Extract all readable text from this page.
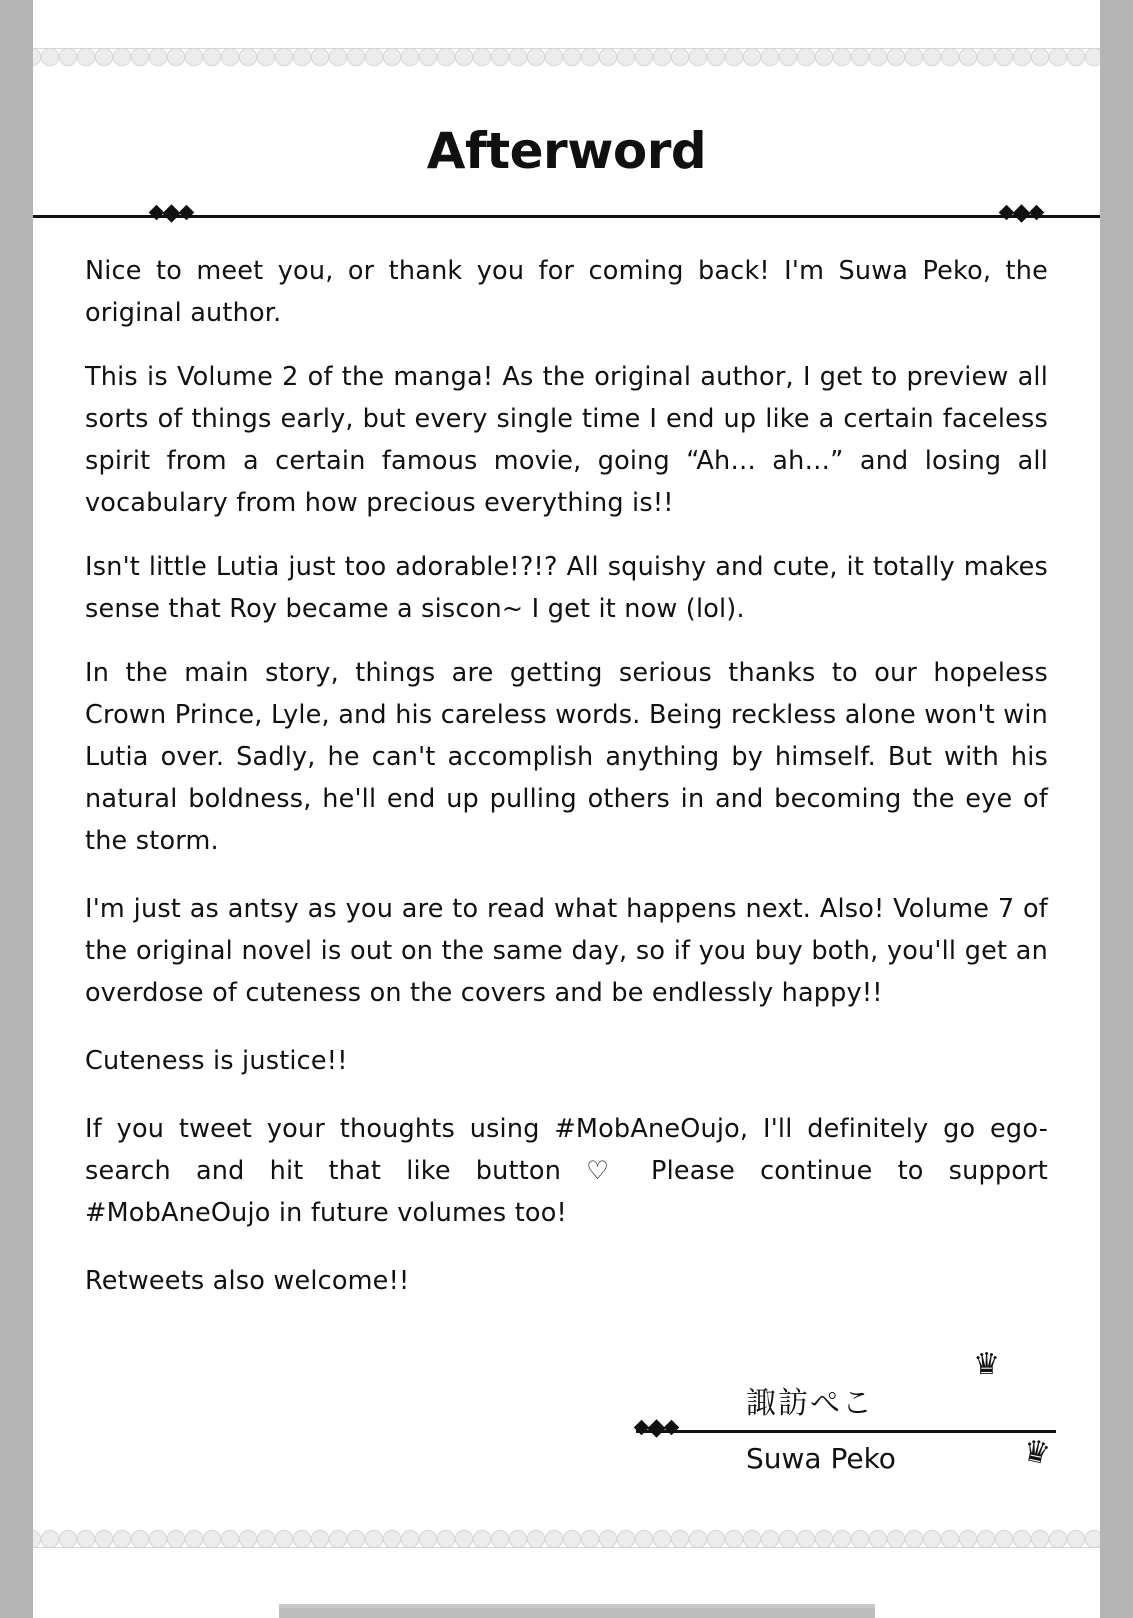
Afterword

Nice to meet you, or thank you for coming back! I'm Suwa Peko, the original author.

This is Volume 2 of the manga! As the original author, I get to preview all sorts of things early, but every single time I end up like a certain faceless spirit from a certain famous movie, going “Ah… ah…” and losing all vocabulary from how precious everything is!!

Isn't little Lutia just too adorable!?!? All squishy and cute, it totally makes sense that Roy became a siscon~ I get it now (lol).

In the main story, things are getting serious thanks to our hopeless Crown Prince, Lyle, and his careless words. Being reckless alone won't win Lutia over. Sadly, he can't accomplish anything by himself. But with his natural boldness, he'll end up pulling others in and becoming the eye of the storm.

I'm just as antsy as you are to read what happens next. Also! Volume 7 of the original novel is out on the same day, so if you buy both, you'll get an overdose of cuteness on the covers and be endlessly happy!!

Cuteness is justice!!

If you tweet your thoughts using #MobAneOujo, I'll definitely go ego-search and hit that like button ♡ Please continue to support #MobAneOujo in future volumes too!

Retweets also welcome!!

諏訪ぺこ
Suwa Peko
♛
♛
